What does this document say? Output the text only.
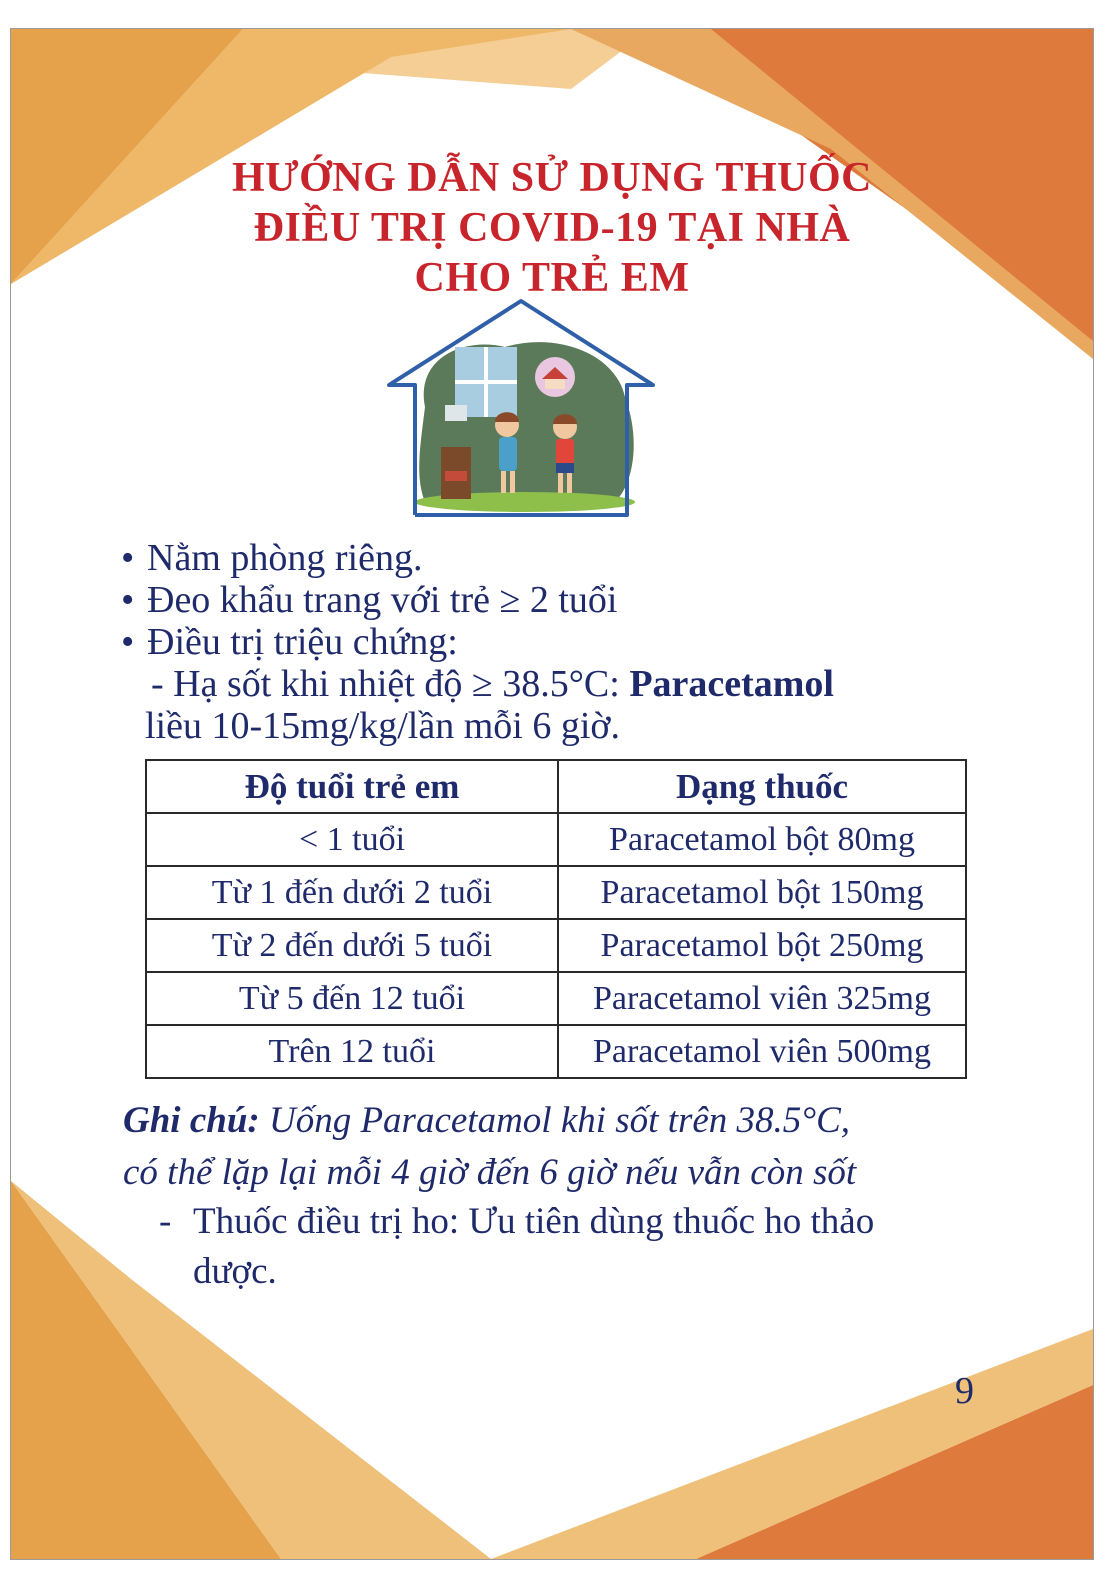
HƯỚNG DẪN SỬ DỤNG THUỐC
ĐIỀU TRỊ COVID-19 TẠI NHÀ
CHO TRẺ EM
• Nằm phòng riêng.
• Đeo khẩu trang với trẻ ≥ 2 tuổi
• Điều trị triệu chứng:
- Hạ sốt khi nhiệt độ ≥ 38.5°C: Paracetamol
liều 10-15mg/kg/lần mỗi 6 giờ.
Độ tuổi trẻ em	Dạng thuốc
< 1 tuổi	Paracetamol bột 80mg
Từ 1 đến dưới 2 tuổi	Paracetamol bột 150mg
Từ 2 đến dưới 5 tuổi	Paracetamol bột 250mg
Từ 5 đến 12 tuổi	Paracetamol viên 325mg
Trên 12 tuổi	Paracetamol viên 500mg
Ghi chú: Uống Paracetamol khi sốt trên 38.5°C,
có thể lặp lại mỗi 4 giờ đến 6 giờ nếu vẫn còn sốt
- Thuốc điều trị ho: Ưu tiên dùng thuốc ho thảo
dược.
9
